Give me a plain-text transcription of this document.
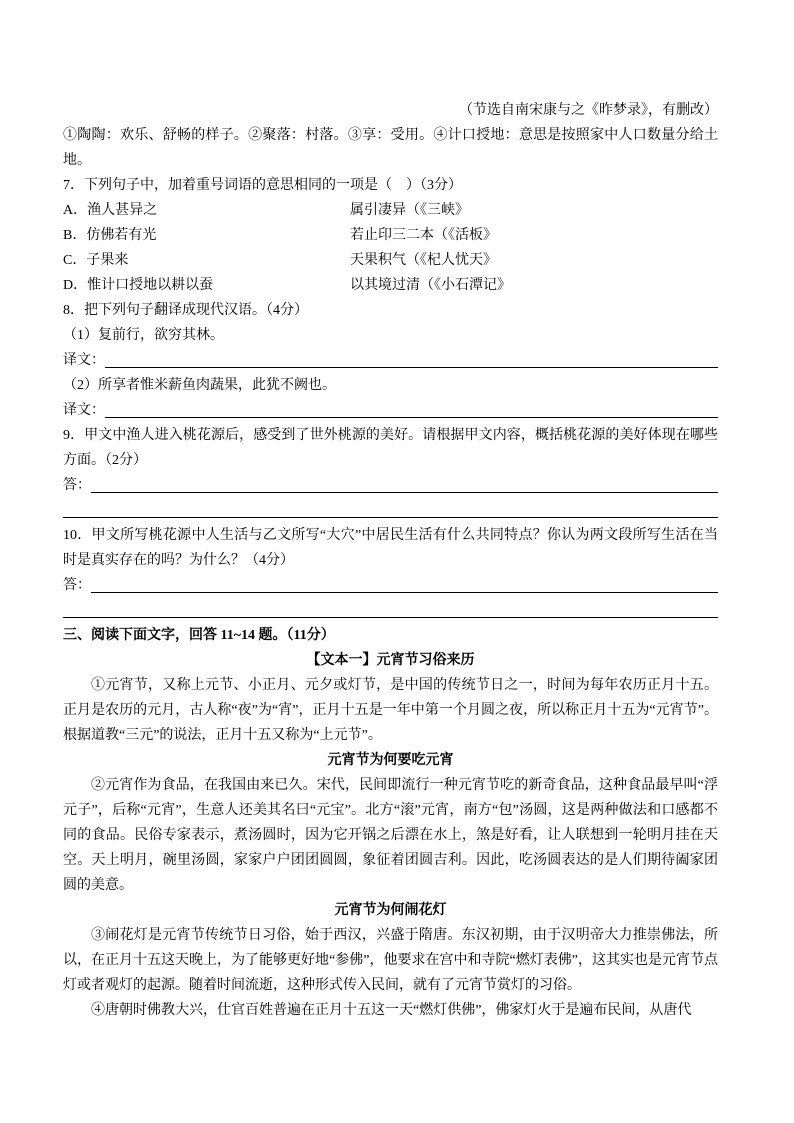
（节选自南宋康与之《昨梦录》，有删改）
①陶陶：欢乐、舒畅的样子。②聚落：村落。③享：受用。④计口授地：意思是按照家中人口数量分给土地。
7．下列句子中，加着重号词语的意思相同的一项是（　）（3分）
A．渔人甚异之	属引凄异（《三峡》
B．仿佛若有光	若止印三二本（《活板》
C．子果来	天果积气（《杞人忧天》
D．惟计口授地以耕以蚕	以其境过清（《小石潭记》
8．把下列句子翻译成现代汉语。（4分）
（1）复前行，欲穷其林。
译文：
（2）所享者惟米薪鱼肉蔬果，此犹不阙也。
译文：
9．甲文中渔人进入桃花源后，感受到了世外桃源的美好。请根据甲文内容，概括桃花源的美好体现在哪些方面。（2分）
答：
10．甲文所写桃花源中人生活与乙文所写“大穴”中居民生活有什么共同特点？你认为两文段所写生活在当时是真实存在的吗？为什么？（4分）
答：
三、阅读下面文字，回答 11~14 题。（11分）
【文本一】元宵节习俗来历
①元宵节，又称上元节、小正月、元夕或灯节，是中国的传统节日之一，时间为每年农历正月十五。正月是农历的元月，古人称“夜”为“宵”，正月十五是一年中第一个月圆之夜，所以称正月十五为“元宵节”。根据道教“三元”的说法，正月十五又称为“上元节”。
元宵节为何要吃元宵
②元宵作为食品，在我国由来已久。宋代，民间即流行一种元宵节吃的新奇食品，这种食品最早叫“浮元子”，后称“元宵”，生意人还美其名曰“元宝”。北方“滚”元宵，南方“包”汤圆，这是两种做法和口感都不同的食品。民俗专家表示，煮汤圆时，因为它开锅之后漂在水上，煞是好看，让人联想到一轮明月挂在天空。天上明月，碗里汤圆，家家户户团团圆圆，象征着团圆吉利。因此，吃汤圆表达的是人们期待阖家团圆的美意。
元宵节为何闹花灯
③闹花灯是元宵节传统节日习俗，始于西汉，兴盛于隋唐。东汉初期，由于汉明帝大力推崇佛法，所以，在正月十五这天晚上，为了能够更好地“参佛”，他要求在宫中和寺院“燃灯表佛”，这其实也是元宵节点灯或者观灯的起源。随着时间流逝，这种形式传入民间，就有了元宵节赏灯的习俗。
④唐朝时佛教大兴，仕官百姓普遍在正月十五这一天“燃灯供佛”，佛家灯火于是遍布民间，从唐代
